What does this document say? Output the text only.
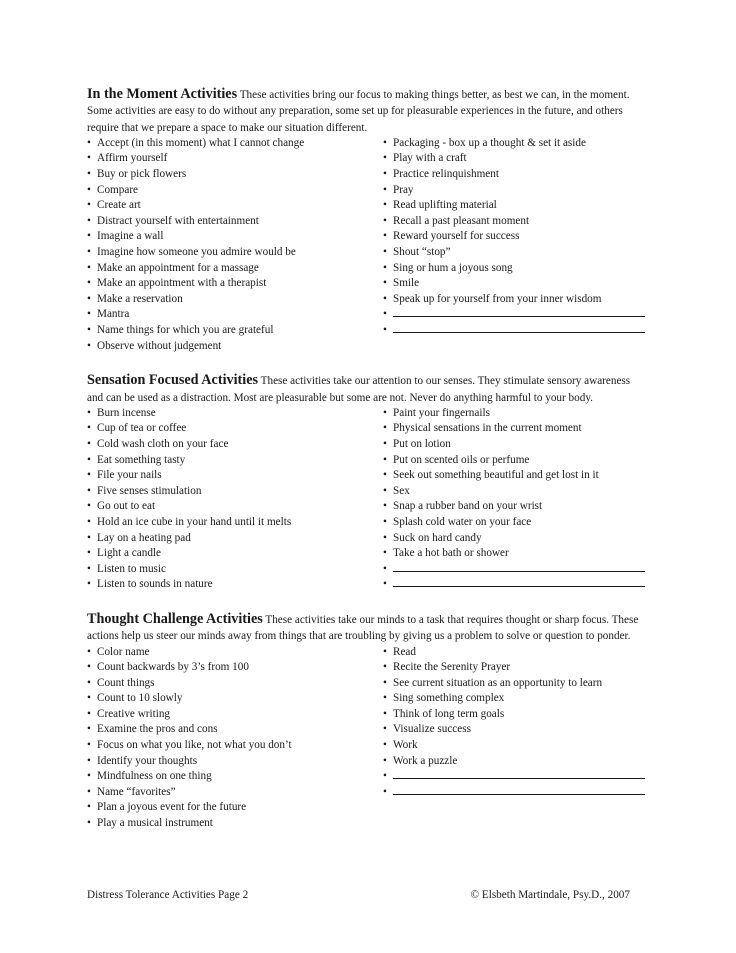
In the Moment Activities These activities bring our focus to making things better, as best we can, in the moment. Some activities are easy to do without any preparation, some set up for pleasurable experiences in the future, and others require that we prepare a space to make our situation different.

• Accept (in this moment) what I cannot change
• Affirm yourself
• Buy or pick flowers
• Compare
• Create art
• Distract yourself with entertainment
• Imagine a wall
• Imagine how someone you admire would be
• Make an appointment for a massage
• Make an appointment with a therapist
• Make a reservation
• Mantra
• Name things for which you are grateful
• Observe without judgement
• Packaging - box up a thought & set it aside
• Play with a craft
• Practice relinquishment
• Pray
• Read uplifting material
• Recall a past pleasant moment
• Reward yourself for success
• Shout “stop”
• Sing or hum a joyous song
• Smile
• Speak up for yourself from your inner wisdom
•
•

Sensation Focused Activities These activities take our attention to our senses. They stimulate sensory awareness and can be used as a distraction. Most are pleasurable but some are not. Never do anything harmful to your body.

• Burn incense
• Cup of tea or coffee
• Cold wash cloth on your face
• Eat something tasty
• File your nails
• Five senses stimulation
• Go out to eat
• Hold an ice cube in your hand until it melts
• Lay on a heating pad
• Light a candle
• Listen to music
• Listen to sounds in nature
• Paint your fingernails
• Physical sensations in the current moment
• Put on lotion
• Put on scented oils or perfume
• Seek out something beautiful and get lost in it
• Sex
• Snap a rubber band on your wrist
• Splash cold water on your face
• Suck on hard candy
• Take a hot bath or shower
•
•

Thought Challenge Activities These activities take our minds to a task that requires thought or sharp focus. These actions help us steer our minds away from things that are troubling by giving us a problem to solve or question to ponder.

• Color name
• Count backwards by 3’s from 100
• Count things
• Count to 10 slowly
• Creative writing
• Examine the pros and cons
• Focus on what you like, not what you don’t
• Identify your thoughts
• Mindfulness on one thing
• Name “favorites”
• Plan a joyous event for the future
• Play a musical instrument
• Read
• Recite the Serenity Prayer
• See current situation as an opportunity to learn
• Sing something complex
• Think of long term goals
• Visualize success
• Work
• Work a puzzle
•
•
Distress Tolerance Activities Page 2	© Elsbeth Martindale, Psy.D., 2007
